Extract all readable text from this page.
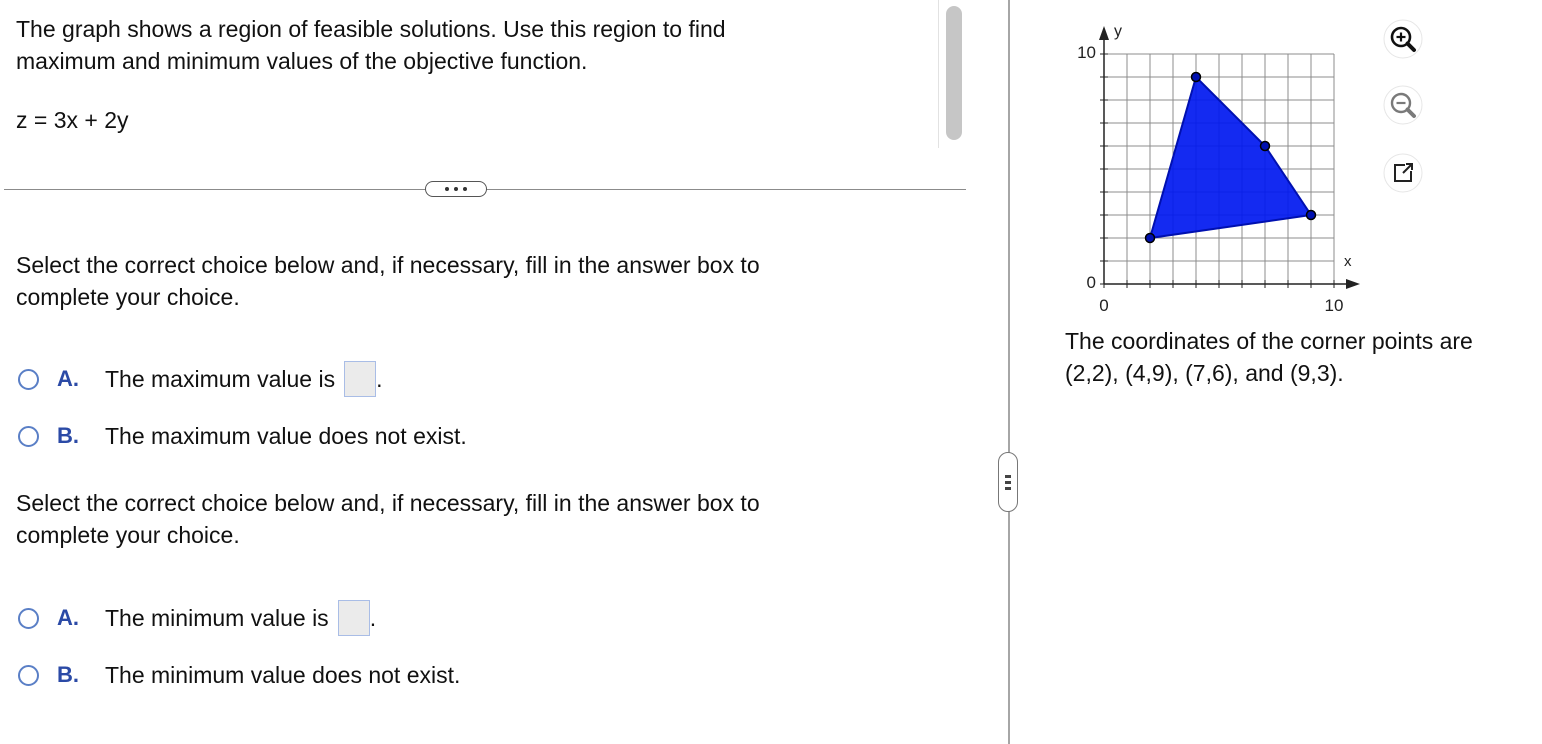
The graph shows a region of feasible solutions. Use this region to find
maximum and minimum values of the objective function.
z = 3x + 2y
Select the correct choice below and, if necessary, fill in the answer box to
complete your choice.
A.	The maximum value is .
B.	The maximum value does not exist.
Select the correct choice below and, if necessary, fill in the answer box to
complete your choice.
A.	The minimum value is .
B.	The minimum value does not exist.
y
x
10
0
0	10
The coordinates of the corner points are
(2,2), (4,9), (7,6), and (9,3).
